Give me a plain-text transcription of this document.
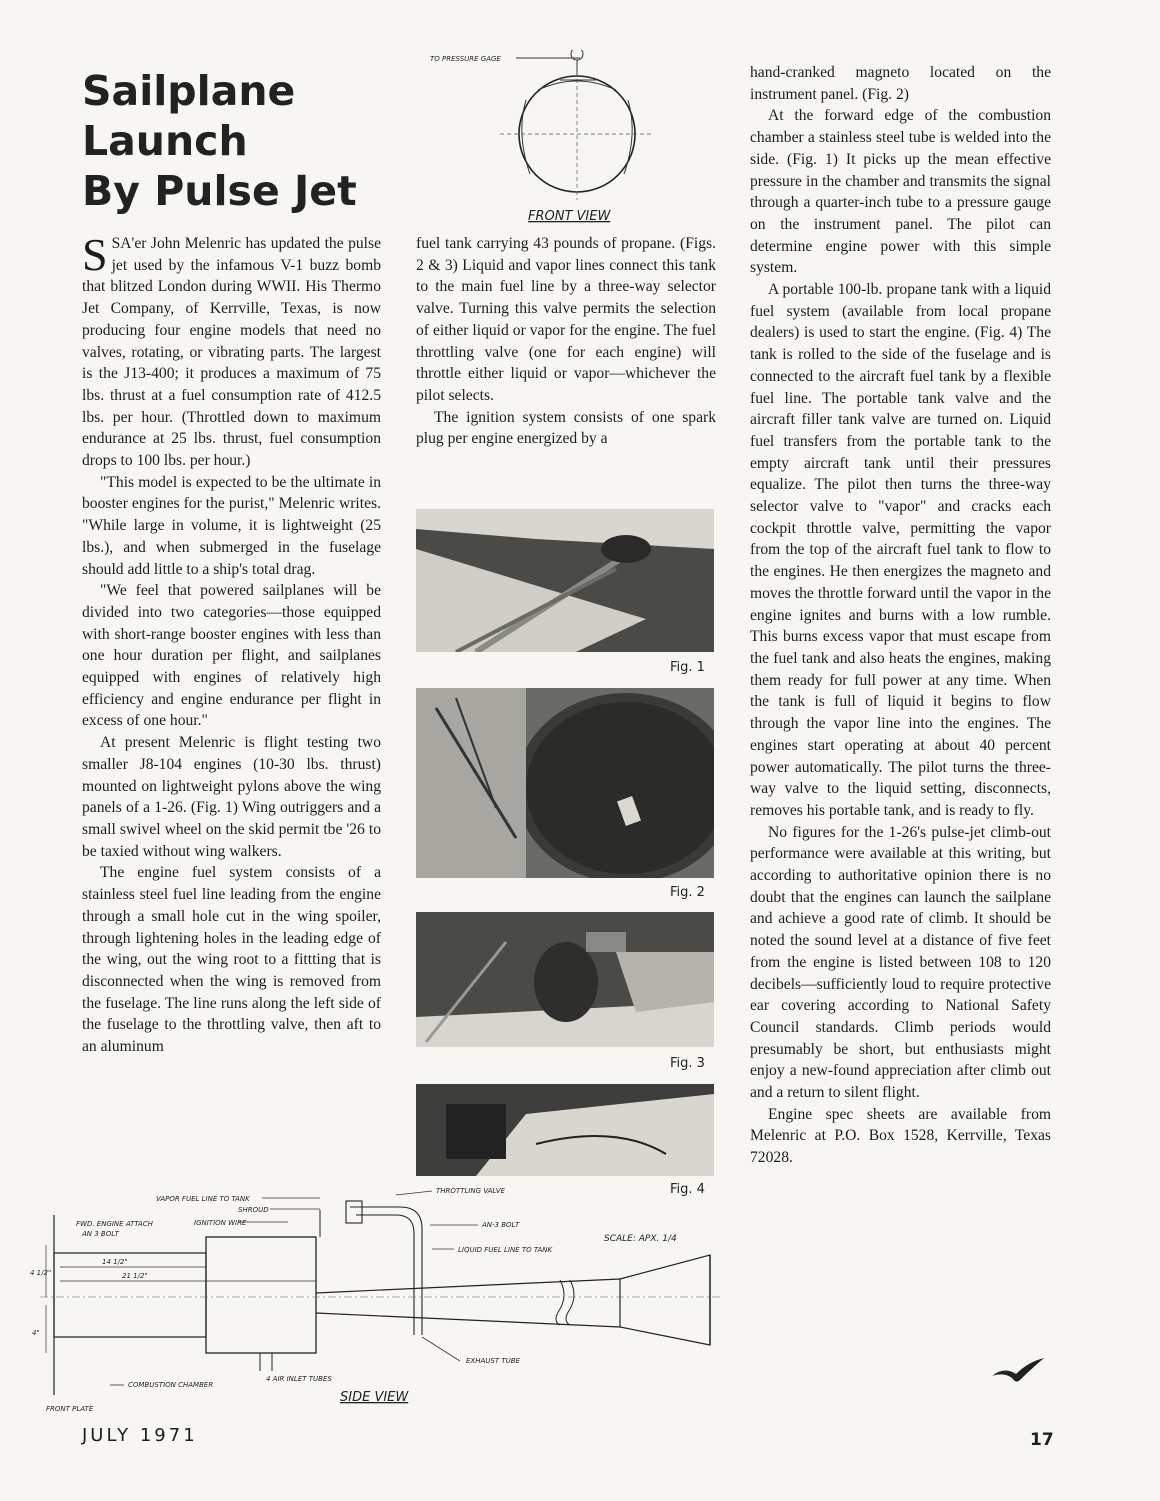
Sailplane
Launch
By Pulse Jet
TO PRESSURE GAGE
FRONT VIEW

SSA'er John Melenric has updated the pulse jet used by the infamous V-1 buzz bomb that blitzed London during WWII. His Thermo Jet Company, of Kerrville, Texas, is now producing four engine models that need no valves, rotating, or vibrating parts. The largest is the J13-400; it produces a maximum of 75 lbs. thrust at a fuel consumption rate of 412.5 lbs. per hour. (Throttled down to maximum endurance at 25 lbs. thrust, fuel consumption drops to 100 lbs. per hour.)

"This model is expected to be the ultimate in booster engines for the purist," Melenric writes. "While large in volume, it is lightweight (25 lbs.), and when submerged in the fuselage should add little to a ship's total drag.

"We feel that powered sailplanes will be divided into two categories—those equipped with short-range booster engines with less than one hour duration per flight, and sailplanes equipped with engines of relatively high efficiency and engine endurance per flight in excess of one hour."

At present Melenric is flight testing two smaller J8-104 engines (10-30 lbs. thrust) mounted on lightweight pylons above the wing panels of a 1-26. (Fig. 1) Wing outriggers and a small swivel wheel on the skid permit tbe '26 to be taxied without wing walkers.

The engine fuel system consists of a stainless steel fuel line leading from the engine through a small hole cut in the wing spoiler, through lightening holes in the leading edge of the wing, out the wing root to a fittting that is disconnected when the wing is removed from the fuselage. The line runs along the left side of the fuselage to the throttling valve, then aft to an aluminum

fuel tank carrying 43 pounds of propane. (Figs. 2 & 3) Liquid and vapor lines connect this tank to the main fuel line by a three-way selector valve. Turning this valve permits the selection of either liquid or vapor for the engine. The fuel throttling valve (one for each engine) will throttle either liquid or vapor—whichever the pilot selects.

The ignition system consists of one spark plug per engine energized by a

Fig. 1
Fig. 2
Fig. 3
Fig. 4

hand-cranked magneto located on the instrument panel. (Fig. 2)

At the forward edge of the combustion chamber a stainless steel tube is welded into the side. (Fig. 1) It picks up the mean effective pressure in the chamber and transmits the signal through a quarter-inch tube to a pressure gauge on the instrument panel. The pilot can determine engine power with this simple system.

A portable 100-lb. propane tank with a liquid fuel system (available from local propane dealers) is used to start the engine. (Fig. 4) The tank is rolled to the side of the fuselage and is connected to the aircraft fuel tank by a flexible fuel line. The portable tank valve and the aircraft filler tank valve are turned on. Liquid fuel transfers from the portable tank to the empty aircraft tank until their pressures equalize. The pilot then turns the three-way selector valve to "vapor" and cracks each cockpit throttle valve, permitting the vapor from the top of the aircraft fuel tank to flow to the engines. He then energizes the magneto and moves the throttle forward until the vapor in the engine ignites and burns with a low rumble. This burns excess vapor that must escape from the fuel tank and also heats the engines, making them ready for full power at any time. When the tank is full of liquid it begins to flow through the vapor line into the engines. The engines start operating at about 40 percent power automatically. The pilot turns the three-way valve to the liquid setting, disconnects, removes his portable tank, and is ready to fly.

No figures for the 1-26's pulse-jet climb-out performance were available at this writing, but according to authoritative opinion there is no doubt that the engines can launch the sailplane and achieve a good rate of climb. It should be noted the sound level at a distance of five feet from the engine is listed between 108 to 120 decibels—sufficiently loud to require protective ear covering according to National Safety Council standards. Climb periods would presumably be short, but enthusiasts might enjoy a new-found appreciation after climb out and a return to silent flight.

Engine spec sheets are available from Melenric at P.O. Box 1528, Kerrville, Texas 72028.

VAPOR FUEL LINE TO TANK
SHROUD
IGNITION WIRE
THROTTLING VALVE
FWD. ENGINE ATTACH
AN 3 BOLT
AN-3 BOLT
LIQUID FUEL LINE TO TANK
SCALE: APX. 1/4
14 1/2"
21 1/2"
4 1/2"
4"
4 AIR INLET TUBES
EXHAUST TUBE
COMBUSTION CHAMBER
FRONT PLATE
SIDE VIEW
JULY 1971	17
